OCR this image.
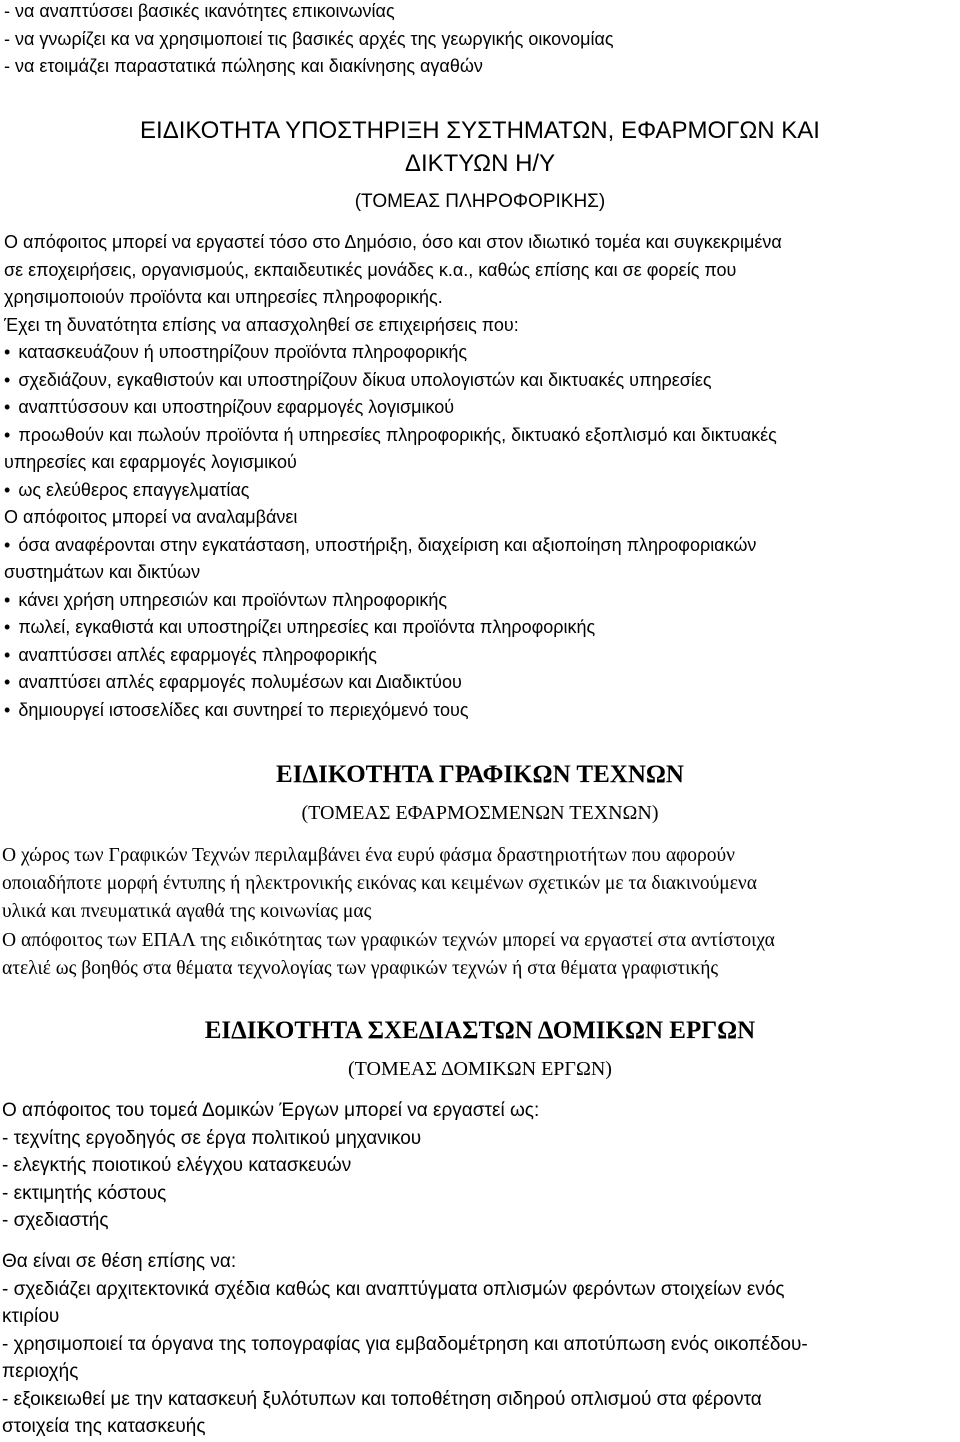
- να αναπτύσσει βασικές ικανότητες επικοινωνίας
- να γνωρίζει κα να χρησιμοποιεί τις βασικές αρχές της γεωργικής οικονομίας
- να ετοιμάζει παραστατικά πώλησης και διακίνησης αγαθών
ΕΙΔΙΚΟΤΗΤΑ ΥΠΟΣΤΗΡΙΞΗ ΣΥΣΤΗΜΑΤΩΝ, ΕΦΑΡΜΟΓΩΝ ΚΑΙ
ΔΙΚΤΥΩΝ Η/Υ
(ΤΟΜΕΑΣ ΠΛΗΡΟΦΟΡΙΚΗΣ)
Ο απόφοιτος μπορεί να εργαστεί τόσο στο Δημόσιο, όσο και στον ιδιωτικό τομέα και συγκεκριμένα
σε εποχειρήσεις, οργανισμούς, εκπαιδευτικές μονάδες κ.α., καθώς επίσης και σε φορείς που
χρησιμοποιούν προϊόντα και υπηρεσίες πληροφορικής.
Έχει τη δυνατότητα επίσης να απασχοληθεί σε επιχειρήσεις που:
• κατασκευάζουν ή υποστηρίζουν προϊόντα πληροφορικής
• σχεδιάζουν, εγκαθιστούν και υποστηρίζουν δίκυα υπολογιστών και δικτυακές υπηρεσίες
• αναπτύσσουν και υποστηρίζουν εφαρμογές λογισμικού
• προωθούν και πωλούν προϊόντα ή υπηρεσίες πληροφορικής, δικτυακό εξοπλισμό και δικτυακές
υπηρεσίες και εφαρμογές λογισμικού
• ως ελεύθερος επαγγελματίας
Ο απόφοιτος μπορεί να αναλαμβάνει
• όσα αναφέρονται στην εγκατάσταση, υποστήριξη, διαχείριση και αξιοποίηση πληροφοριακών
συστημάτων και δικτύων
• κάνει χρήση υπηρεσιών και προϊόντων πληροφορικής
• πωλεί, εγκαθιστά και υποστηρίζει υπηρεσίες και προϊόντα πληροφορικής
• αναπτύσσει απλές εφαρμογές πληροφορικής
• αναπτύσει απλές εφαρμογές πολυμέσων και Διαδικτύου
• δημιουργεί ιστοσελίδες και συντηρεί το περιεχόμενό τους
ΕΙΔΙΚΟΤΗΤΑ ΓΡΑΦΙΚΩΝ ΤΕΧΝΩΝ
(ΤΟΜΕΑΣ ΕΦΑΡΜΟΣΜΕΝΩΝ ΤΕΧΝΩΝ)
Ο χώρος των Γραφικών Τεχνών περιλαμβάνει ένα ευρύ φάσμα δραστηριοτήτων που αφορούν
οποιαδήποτε μορφή έντυπης ή ηλεκτρονικής εικόνας και κειμένων σχετικών με τα διακινούμενα
υλικά και πνευματικά αγαθά της κοινωνίας μας
Ο απόφοιτος των ΕΠΑΛ της ειδικότητας των γραφικών τεχνών μπορεί να εργαστεί στα αντίστοιχα
ατελιέ ως βοηθός στα θέματα τεχνολογίας των γραφικών τεχνών ή στα θέματα γραφιστικής
ΕΙΔΙΚΟΤΗΤΑ ΣΧΕΔΙΑΣΤΩΝ ΔΟΜΙΚΩΝ ΕΡΓΩΝ
(ΤΟΜΕΑΣ ΔΟΜΙΚΩΝ ΕΡΓΩΝ)
Ο απόφοιτος του τομεά Δομικών Έργων μπορεί να εργαστεί ως:
- τεχνίτης εργοδηγός σε έργα πολιτικού μηχανικου
- ελεγκτής ποιοτικού ελέγχου κατασκευών
- εκτιμητής κόστους
- σχεδιαστής
Θα είναι σε θέση επίσης να:
- σχεδιάζει αρχιτεκτονικά σχέδια καθώς και αναπτύγματα οπλισμών φερόντων στοιχείων ενός
κτιρίου
- χρησιμοποιεί τα όργανα της τοπογραφίας για εμβαδομέτρηση και αποτύπωση ενός οικοπέδου-
περιοχής
- εξοικειωθεί με την κατασκευή ξυλότυπων και τοποθέτηση σιδηρού οπλισμού στα φέροντα
στοιχεία της κατασκευής
